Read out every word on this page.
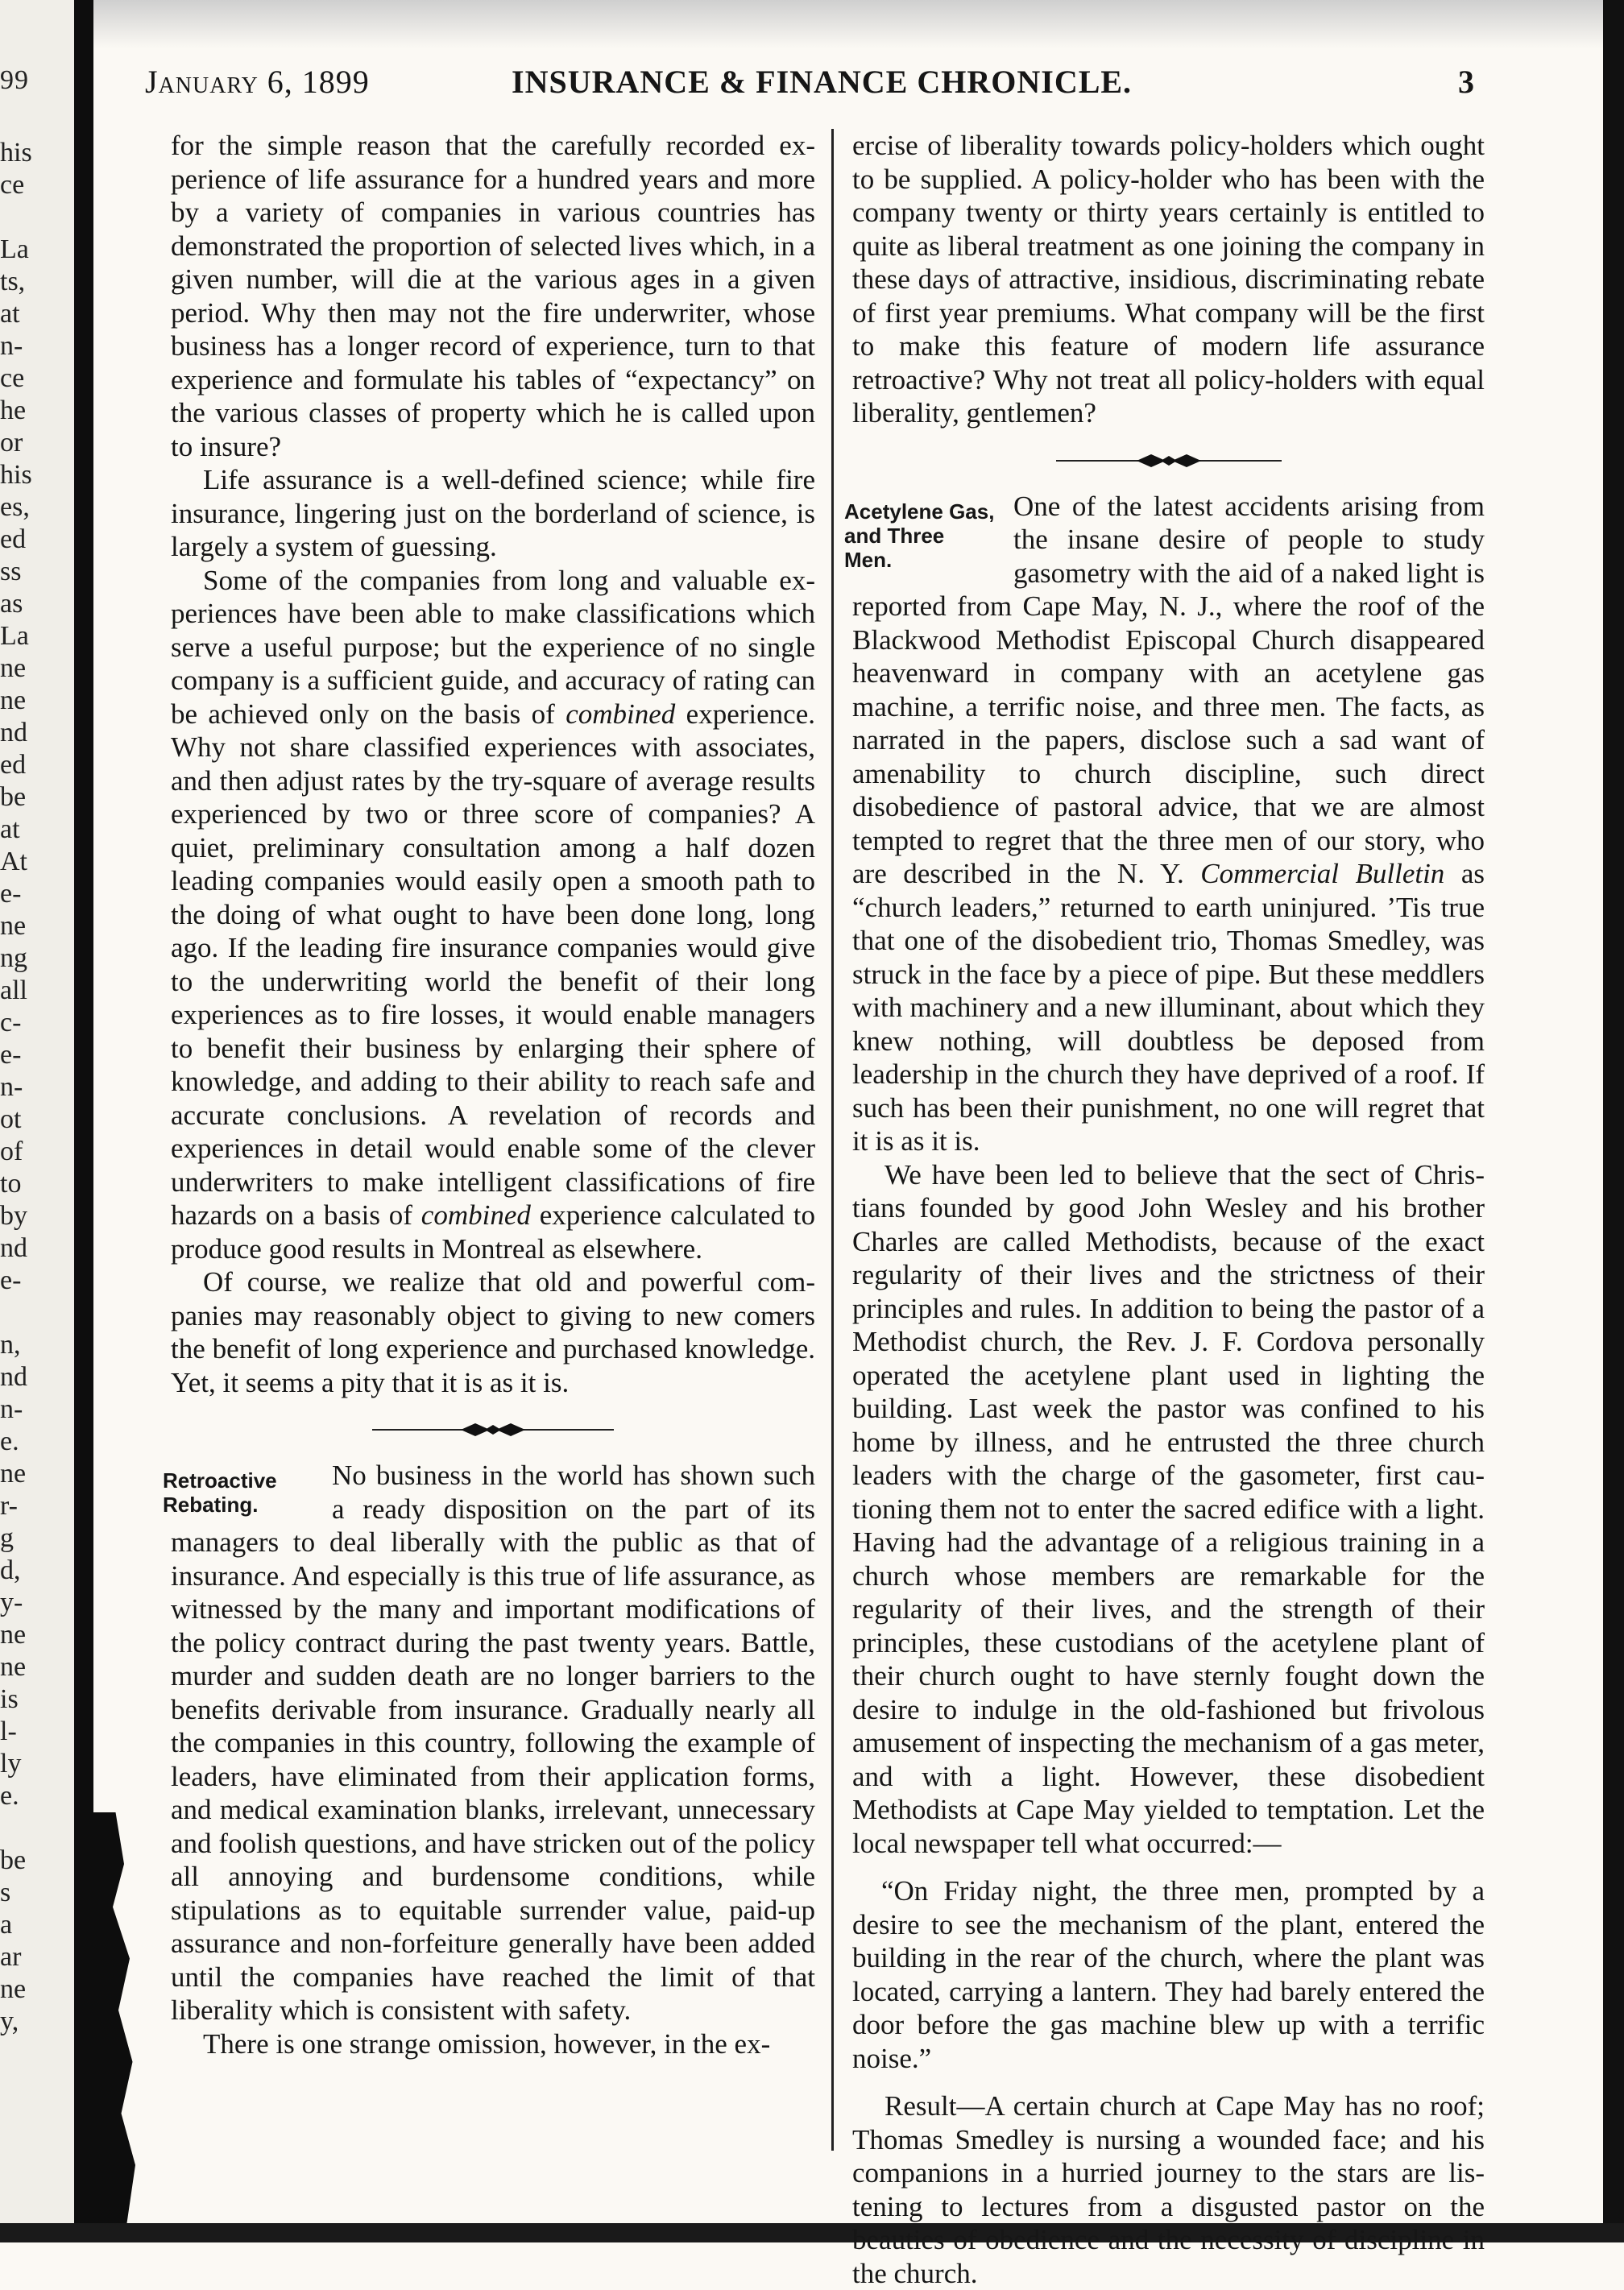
99
his
ce
La
ts,
at
n-
ce
he
or
his
es,
ed
ss
as
La
ne
ne
nd
ed
be
at
At
e-
ne
ng
all
c-
e-
n-
ot
of
to
by
nd
e-
n,
nd
n-
e.
ne
r-
g
d,
y-
ne
ne
is
l-
ly
e.
be
s
a
ar
ne
y,
January 6, 1899	INSURANCE & FINANCE CHRONICLE.	3

for the simple reason that the carefully recorded experience of life assurance for a hundred years and more by a variety of companies in various countries has demonstrated the proportion of selected lives which, in a given number, will die at the various ages in a given period. Why then may not the fire underwriter, whose business has a longer record of experience, turn to that experience and formulate his tables of “expectancy” on the various classes of property which he is called upon to insure?

Life assurance is a well-defined science; while fire insurance, lingering just on the borderland of science, is largely a system of guessing.

Some of the companies from long and valuable experiences have been able to make classifications which serve a useful purpose; but the experience of no single company is a sufficient guide, and accuracy of rating can be achieved only on the basis of combined experience. Why not share classified experiences with associates, and then adjust rates by the try-square of average results experienced by two or three score of companies? A quiet, preliminary consultation among a half dozen leading companies would easily open a smooth path to the doing of what ought to have been done long, long ago. If the leading fire insurance companies would give to the underwriting world the benefit of their long experiences as to fire losses, it would enable managers to benefit their business by enlarging their sphere of knowledge, and adding to their ability to reach safe and accurate conclusions. A revelation of records and experiences in detail would enable some of the clever underwriters to make intelligent classifications of fire hazards on a basis of combined experience calculated to produce good results in Montreal as elsewhere.

Of course, we realize that old and powerful companies may reasonably object to giving to new comers the benefit of long experience and purchased knowledge. Yet, it seems a pity that it is as it is.

Retroactive
Rebating.

No business in the world has shown such a ready disposition on the part of its managers to deal liberally with the public as that of insurance. And especially is this true of life assurance, as witnessed by the many and important modifications of the policy contract during the past twenty years. Battle, murder and sudden death are no longer barriers to the benefits derivable from insurance. Gradually nearly all the companies in this country, following the example of leaders, have eliminated from their application forms, and medical examination blanks, irrelevant, unnecessary and foolish questions, and have stricken out of the policy all annoying and burdensome conditions, while stipulations as to equitable surrender value, paid-up assurance and non-forfeiture generally have been added until the companies have reached the limit of that liberality which is consistent with safety.

There is one strange omission, however, in the ex-

ercise of liberality towards policy-holders which ought to be supplied. A policy-holder who has been with the company twenty or thirty years certainly is entitled to quite as liberal treatment as one joining the company in these days of attractive, insidious, discriminating rebate of first year premiums. What company will be the first to make this feature of modern life assurance retroactive? Why not treat all policy-holders with equal liberality, gentlemen?

Acetylene Gas,
and Three Men.

One of the latest accidents arising from the insane desire of people to study gasometry with the aid of a naked light is reported from Cape May, N. J., where the roof of the Blackwood Methodist Episcopal Church disappeared heavenward in company with an acetylene gas machine, a terrific noise, and three men. The facts, as narrated in the papers, disclose such a sad want of amenability to church discipline, such direct disobedience of pastoral advice, that we are almost tempted to regret that the three men of our story, who are described in the N. Y. Commercial Bulletin as “church leaders,” returned to earth uninjured. ’Tis true that one of the disobedient trio, Thomas Smedley, was struck in the face by a piece of pipe. But these meddlers with machinery and a new illuminant, about which they knew nothing, will doubtless be deposed from leadership in the church they have deprived of a roof. If such has been their punishment, no one will regret that it is as it is.

We have been led to believe that the sect of Christians founded by good John Wesley and his brother Charles are called Methodists, because of the exact regularity of their lives and the strictness of their principles and rules. In addition to being the pastor of a Methodist church, the Rev. J. F. Cordova personally operated the acetylene plant used in lighting the building. Last week the pastor was confined to his home by illness, and he entrusted the three church leaders with the charge of the gasometer, first cautioning them not to enter the sacred edifice with a light. Having had the advantage of a religious training in a church whose members are remarkable for the regularity of their lives, and the strength of their principles, these custodians of the acetylene plant of their church ought to have sternly fought down the desire to indulge in the old-fashioned but frivolous amusement of inspecting the mechanism of a gas meter, and with a light. However, these disobedient Methodists at Cape May yielded to temptation. Let the local newspaper tell what occurred:—

“On Friday night, the three men, prompted by a desire to see the mechanism of the plant, entered the building in the rear of the church, where the plant was located, carrying a lantern. They had barely entered the door before the gas machine blew up with a terrific noise.”

Result—A certain church at Cape May has no roof; Thomas Smedley is nursing a wounded face; and his companions in a hurried journey to the stars are listening to lectures from a disgusted pastor on the beauties of obedience and the necessity of discipline in the church.
